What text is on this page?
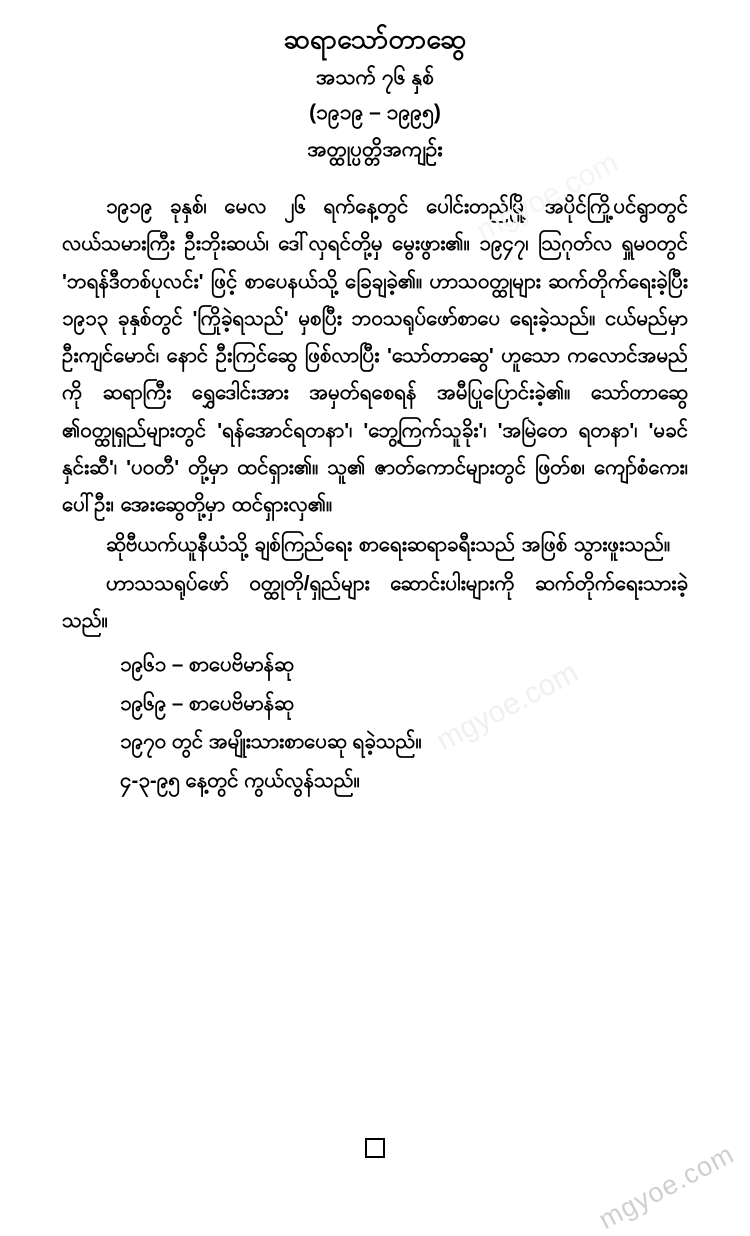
mgyoe.com
mgyoe.com
ဆရာသော်တာဆွေ
အသက် ၇၆ နှစ်
(၁၉၁၉ – ၁၉၉၅)
အတ္ထုပ္ပတ္တိအကျဉ်း

၁၉၁၉ ခုနှစ်၊ မေလ ၂၆ ရက်နေ့တွင် ပေါင်းတည်မြို့ အပိုင်ကြို့ပင်ရွာတွင် လယ်သမားကြီး ဦးဘိုးဆယ်၊ ဒေါ်လှရင်တို့မှ မွေးဖွား၏။ ၁၉၄၇၊ သြဂုတ်လ ရှူမဝတွင် 'ဘရန်ဒီတစ်ပုလင်း' ဖြင့် စာပေနယ်သို့ ခြေချခဲ့၏။ ဟာသဝတ္ထုများ ဆက်တိုက်ရေးခဲ့ပြီး ၁၉၁၃ ခုနှစ်တွင် 'ကြိုခဲ့ရသည်' မှစပြီး ဘဝသရုပ်ဖော်စာပေ ရေးခဲ့သည်။ ငယ်မည်မှာ ဦးကျင်မောင်၊ နောင် ဦးကြင်ဆွေ ဖြစ်လာပြီး 'သော်တာဆွေ' ဟူသော ကလောင်အမည်ကို ဆရာကြီး ရွှေဒေါင်းအား အမှတ်ရစေရန် အမီပြုပြောင်းခဲ့၏။ သော်တာဆွေ ၏ဝတ္ထုရှည်များတွင် 'ရန်အောင်ရတနာ'၊ 'ဘွေ့ကြက်သူခိုး'၊ 'အမြဲတေ ရတနာ'၊ 'မခင်နှင်းဆီ'၊ 'ပဝတီ' တို့မှာ ထင်ရှား၏။ သူ၏ ဇာတ်ကောင်များတွင် ဖြတ်စ၊ ကျော်စံကေး၊ ပေါ်ဦး၊ အေးဆွေတို့မှာ ထင်ရှားလှ၏။

ဆိုဗီယက်ယူနီယံသို့ ချစ်ကြည်ရေး စာရေးဆရာခရီးသည် အဖြစ် သွားဖူးသည်။

ဟာသသရုပ်ဖော် ဝတ္ထုတို/ရှည်များ ဆောင်းပါးများကို ဆက်တိုက်ရေးသားခဲ့သည်။

၁၉၆၁ – စာပေဗိမာန်ဆု
၁၉၆၉ – စာပေဗိမာန်ဆု
၁၉၇၀ တွင် အမျိုးသားစာပေဆု ရခဲ့သည်။
၄-၃-၉၅ နေ့တွင် ကွယ်လွန်သည်။
mgyoe.com
